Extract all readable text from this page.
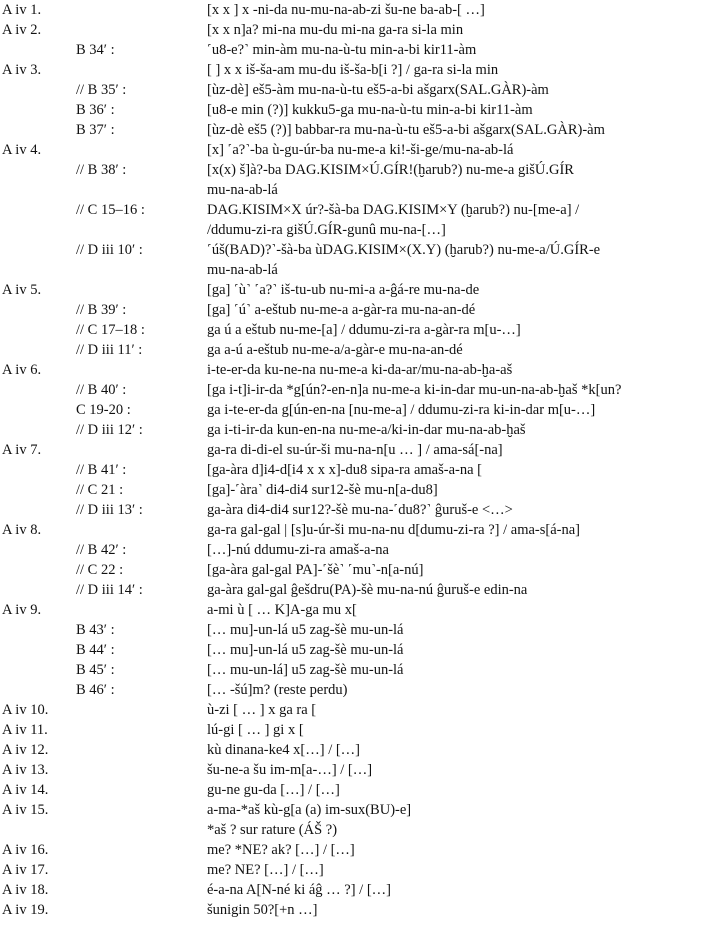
A iv 1.	[x x ] x -ni-da nu-mu-na-ab-zi šu-ne ba-ab-[ …]
A iv 2.	[x x n]a? mi-na mu-du mi-na ga-ra si-la min
B 34′ :	˹u8-e?˺ min-àm mu-na-ù-tu min-a-bi kir11-àm
A iv 3.	[ ] x x iš-ša-am mu-du iš-ša-b[i ?] / ga-ra si-la min
// B 35′ :	[ùz-dè] eš5-àm mu-na-ù-tu eš5-a-bi ašgarx(SAL.GÀR)-àm
B 36′ :	[u8-e min (?)] kukku5-ga mu-na-ù-tu min-a-bi kir11-àm
B 37′ :	[ùz-dè eš5 (?)] babbar-ra mu-na-ù-tu eš5-a-bi ašgarx(SAL.GÀR)-àm
A iv 4.	[x] ˹a?˺-ba ù-gu-úr-ba nu-me-a ki!-ši-ge/mu-na-ab-lá
// B 38′ :	[x(x) š]à?-ba DAG.KISIM×Ú.GÍR!(ḫarub?) nu-me-a gišÚ.GÍR
mu-na-ab-lá
// C 15–16 :	DAG.KISIM×X úr?-šà-ba DAG.KISIM×Y (ḫarub?) nu-[me-a] /
/ddumu-zi-ra gišÚ.GÍR-gunû mu-na-[…]
// D iii 10′ :	˹úš(BAD)?˺-šà-ba ùDAG.KISIM×(X.Y) (ḫarub?) nu-me-a/Ú.GÍR-e
mu-na-ab-lá
A iv 5.	[ga] ˹ù˺ ˹a?˺ iš-tu-ub nu-mi-a a-ĝá-re mu-na-de
// B 39′ :	[ga] ˹ú˺ a-eštub nu-me-a a-gàr-ra mu-na-an-dé
// C 17–18 :	ga ú a eštub nu-me-[a] / ddumu-zi-ra a-gàr-ra m[u-…]
// D iii 11′ :	ga a-ú a-eštub nu-me-a/a-gàr-e mu-na-an-dé
A iv 6.	i-te-er-da ku-ne-na nu-me-a ki-da-ar/mu-na-ab-ḫa-aš
// B 40′ :	[ga i-t]i-ir-da *g[ún?-en-n]a nu-me-a ki-in-dar mu-un-na-ab-ḫaš *k[un?
C 19-20 :	ga i-te-er-da g[ún-en-na [nu-me-a] / ddumu-zi-ra ki-in-dar m[u-…]
// D iii 12′ :	ga i-ti-ir-da kun-en-na nu-me-a/ki-in-dar mu-na-ab-ḫaš
A iv 7.	ga-ra di-di-el su-úr-ši mu-na-n[u … ] / ama-sá[-na]
// B 41′ :	[ga-àra d]i4-d[i4 x x x]-du8 sipa-ra amaš-a-na [
// C 21 :	[ga]-˹àra˺ di4-di4 sur12-šè mu-n[a-du8]
// D iii 13′ :	ga-àra di4-di4 sur12?-šè mu-na-˹du8?˺ ĝuruš-e <…>
A iv 8.	ga-ra gal-gal | [s]u-úr-ši mu-na-nu d[dumu-zi-ra ?] / ama-s[á-na]
// B 42′ :	[…]-nú ddumu-zi-ra amaš-a-na
// C 22 :	[ga-àra gal-gal PA]-˹šè˺ ˹mu˺-n[a-nú]
// D iii 14′ :	ga-àra gal-gal ĝešdru(PA)-šè mu-na-nú ĝuruš-e edin-na
A iv 9.	a-mi ù [ … K]A-ga mu x[
B 43′ :	[… mu]-un-lá u5 zag-šè mu-un-lá
B 44′ :	[… mu]-un-lá u5 zag-šè mu-un-lá
B 45′ :	[… mu-un-lá] u5 zag-šè mu-un-lá
B 46′ :	[… -šú]m? (reste perdu)
A iv 10.	ù-zi [ … ] x ga ra [
A iv 11.	lú-gi [ … ] gi x [
A iv 12.	kù dinana-ke4 x[…] / […]
A iv 13.	šu-ne-a šu im-m[a-…] / […]
A iv 14.	gu-ne gu-da […] / […]
A iv 15.	a-ma-*aš kù-g[a (a) im-sux(BU)-e]
*aš ? sur rature (ÁŠ ?)
A iv 16.	me? *NE? ak? […] / […]
A iv 17.	me? NE? […] / […]
A iv 18.	é-a-na A[N-né ki áĝ … ?] / […]
A iv 19.	šunigin 50?[+n …]
